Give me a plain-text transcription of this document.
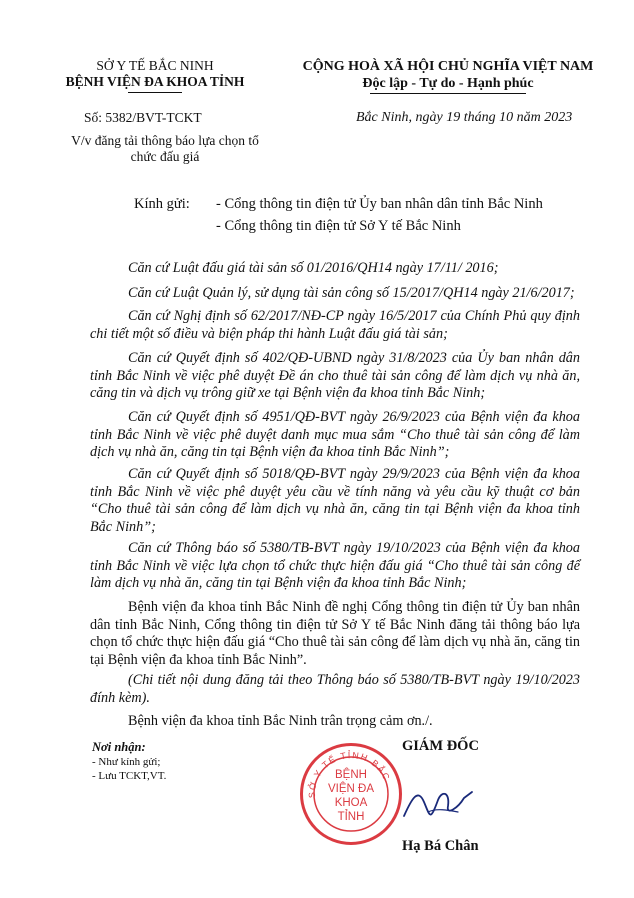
SỞ Y TẾ BẮC NINH
BỆNH VIỆN ĐA KHOA TỈNH
Số: 5382/BVT-TCKT
V/v đăng tải thông báo lựa chọn tổ
chức đấu giá
CỘNG HOÀ XÃ HỘI CHỦ NGHĨA VIỆT NAM
Độc lập - Tự do - Hạnh phúc
Bắc Ninh, ngày 19 tháng 10 năm 2023
Kính gửi: - Cổng thông tin điện tử Ủy ban nhân dân tỉnh Bắc Ninh
- Cổng thông tin điện tử Sở Y tế Bắc Ninh
Căn cứ Luật đấu giá tài sản số 01/2016/QH14 ngày 17/11/ 2016;
Căn cứ Luật Quản lý, sử dụng tài sản công số 15/2017/QH14 ngày 21/6/2017;
Căn cứ Nghị định số 62/2017/NĐ-CP ngày 16/5/2017 của Chính Phủ quy định chi tiết một số điều và biện pháp thi hành Luật đấu giá tài sản;
Căn cứ Quyết định số 402/QĐ-UBND ngày 31/8/2023 của Ủy ban nhân dân tỉnh Bắc Ninh về việc phê duyệt Đề án cho thuê tài sản công để làm dịch vụ nhà ăn, căng tin và dịch vụ trông giữ xe tại Bệnh viện đa khoa tỉnh Bắc Ninh;
Căn cứ Quyết định số 4951/QĐ-BVT ngày 26/9/2023 của Bệnh viện đa khoa tỉnh Bắc Ninh về việc phê duyệt danh mục mua sắm “Cho thuê tài sản công để làm dịch vụ nhà ăn, căng tin tại Bệnh viện đa khoa tỉnh Bắc Ninh”;
Căn cứ Quyết định số 5018/QĐ-BVT ngày 29/9/2023 của Bệnh viện đa khoa tỉnh Bắc Ninh về việc phê duyệt yêu cầu về tính năng và yêu cầu kỹ thuật cơ bản “Cho thuê tài sản công để làm dịch vụ nhà ăn, căng tin tại Bệnh viện đa khoa tỉnh Bắc Ninh”;
Căn cứ Thông báo số 5380/TB-BVT ngày 19/10/2023 của Bệnh viện đa khoa tỉnh Bắc Ninh về việc lựa chọn tổ chức thực hiện đấu giá “Cho thuê tài sản công để làm dịch vụ nhà ăn, căng tin tại Bệnh viện đa khoa tỉnh Bắc Ninh;
Bệnh viện đa khoa tỉnh Bắc Ninh đề nghị Cổng thông tin điện tử Ủy ban nhân dân tỉnh Bắc Ninh, Cổng thông tin điện tử Sở Y tế Bắc Ninh đăng tải thông báo lựa chọn tổ chức thực hiện đấu giá “Cho thuê tài sản công để làm dịch vụ nhà ăn, căng tin tại Bệnh viện đa khoa tỉnh Bắc Ninh”.
(Chi tiết nội dung đăng tải theo Thông báo số 5380/TB-BVT ngày 19/10/2023 đính kèm).
Bệnh viện đa khoa tỉnh Bắc Ninh trân trọng cảm ơn./.
Nơi nhận:
- Như kính gửi;
- Lưu TCKT,VT.
GIÁM ĐỐC
SỞ Y TẾ TỈNH BẮC
BỆNH VIỆN ĐA KHOA TỈNH
Hạ Bá Chân
